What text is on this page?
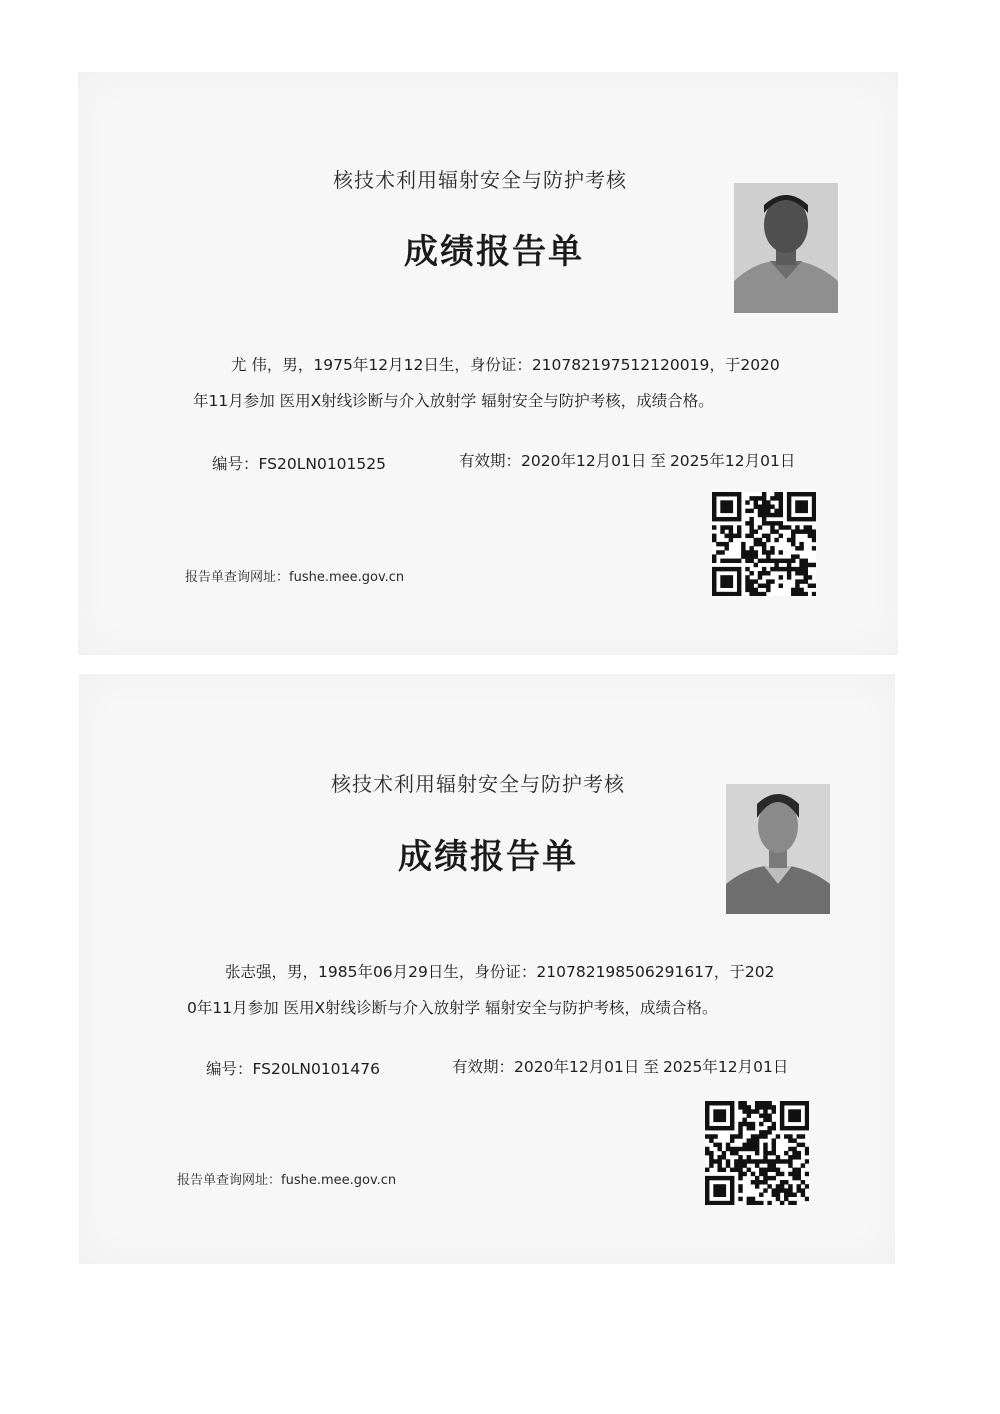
核技术利用辐射安全与防护考核
成绩报告单
尤 伟，男，1975年12月12日生，身份证：210782197512120019，于2020
年11月参加 医用X射线诊断与介入放射学 辐射安全与防护考核，成绩合格。
编号：FS20LN0101525	有效期：2020年12月01日 至 2025年12月01日
报告单查询网址：fushe.mee.gov.cn
核技术利用辐射安全与防护考核
成绩报告单
张志强，男，1985年06月29日生，身份证：210782198506291617，于202
0年11月参加 医用X射线诊断与介入放射学 辐射安全与防护考核，成绩合格。
编号：FS20LN0101476	有效期：2020年12月01日 至 2025年12月01日
报告单查询网址：fushe.mee.gov.cn
